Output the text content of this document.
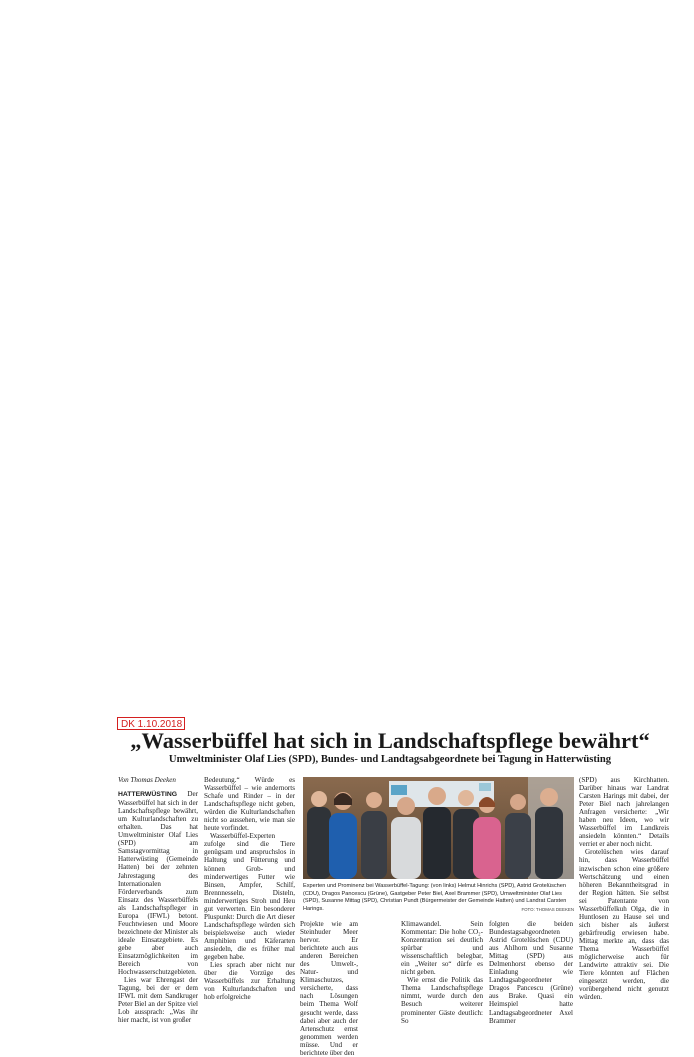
DK 1.10.2018
„Wasserbüffel hat sich in Landschaftspflege bewährt“
Umweltminister Olaf Lies (SPD), Bundes- und Landtagsabgeordnete bei Tagung in Hatterwüsting

Von Thomas Deeken

HATTERWÜSTING Der Wasserbüffel hat sich in der Landschaftspflege bewährt, um Kulturlandschaften zu erhalten. Das hat Umweltminister Olaf Lies (SPD) am Samstagvormittag in Hatterwüsting (Gemeinde Hatten) bei der zehnten Jahrestagung des Internationalen Förderverbands zum Einsatz des Wasserbüffels als Landschaftspfleger in Europa (IFWL) betont. Feuchtwiesen und Moore bezeichnete der Minister als ideale Einsatzgebiete. Es gebe aber auch Einsatzmöglichkeiten im Bereich von Hochwasserschutzgebieten.

Lies war Ehrengast der Tagung, bei der er dem IFWL mit dem Sandkruger Peter Biel an der Spitze viel Lob aussprach: „Was ihr hier macht, ist von großer

Bedeutung.“ Würde es Wasserbüffel – wie andernorts Schafe und Rinder – in der Landschaftspflege nicht geben, würden die Kulturlandschaften nicht so aussehen, wie man sie heute vorfindet.

Wasserbüffel-Experten zufolge sind die Tiere genügsam und anspruchslos in Haltung und Fütterung und können Grob- und minderwertiges Futter wie Binsen, Ampfer, Schilf, Brennnesseln, Disteln, minderwertiges Stroh und Heu gut verwerten. Ein besonderer Pluspunkt: Durch die Art dieser Landschaftspflege würden sich beispielsweise auch wieder Amphibien und Käferarten ansiedeln, die es früher mal gegeben habe.

Lies sprach aber nicht nur über die Vorzüge des Wasserbüffels zur Erhaltung von Kulturlandschaften und hob erfolgreiche

Experten und Prominenz bei Wasserbüffel-Tagung: (von links) Helmut Hinrichs (SPD), Astrid Grotelüschen (CDU), Dragos Pancescu (Grüne), Gastgeber Peter Biel, Axel Brammer (SPD), Umweltminister Olaf Lies (SPD), Susanne Mittag (SPD), Christian Pundt (Bürgermeister der Gemeinde Hatten) und Landrat Carsten Harings.	FOTO: THOMAS DEEKEN

Projekte wie am Steinhuder Meer hervor. Er berichtete auch aus anderen Bereichen des Umwelt-, Natur- und Klimaschutzes, versicherte, dass nach Lösungen beim Thema Wolf gesucht werde, dass dabei aber auch der Artenschutz ernst genommen werden müsse. Und er berichtete über den

Klimawandel. Sein Kommentar: Die hohe CO₂-Konzentration sei deutlich spürbar und wissenschaftlich belegbar, ein „Weiter so“ dürfe es nicht geben.

Wie ernst die Politik das Thema Landschaftspflege nimmt, wurde durch den Besuch weiterer prominenter Gäste deutlich: So

folgten die beiden Bundestagsabgeordneten Astrid Grotelüschen (CDU) aus Ahlhorn und Susanne Mittag (SPD) aus Delmenhorst ebenso der Einladung wie Landtagsabgeordneter Dragos Pancescu (Grüne) aus Brake. Quasi ein Heimspiel hatte Landtagsabgeordneter Axel Brammer

(SPD) aus Kirchhatten. Darüber hinaus war Landrat Carsten Harings mit dabei, der Peter Biel nach jahrelangen Anfragen versicherte: „Wir haben neu Ideen, wo wir Wasserbüffel im Landkreis ansiedeln könnten.“ Details verriet er aber noch nicht.

Grotelüschen wies darauf hin, dass Wasserbüffel inzwischen schon eine größere Wertschätzung und einen höheren Bekanntheitsgrad in der Region hätten. Sie selbst sei Patentante von Wasserbüffelkuh Olga, die in Huntlosen zu Hause sei und sich bisher als äußerst gebärfreudig erwiesen habe. Mittag merkte an, dass das Thema Wasserbüffel möglicherweise auch für Landwirte attraktiv sei. Die Tiere könnten auf Flächen eingesetzt werden, die vorübergehend nicht genutzt würden.
